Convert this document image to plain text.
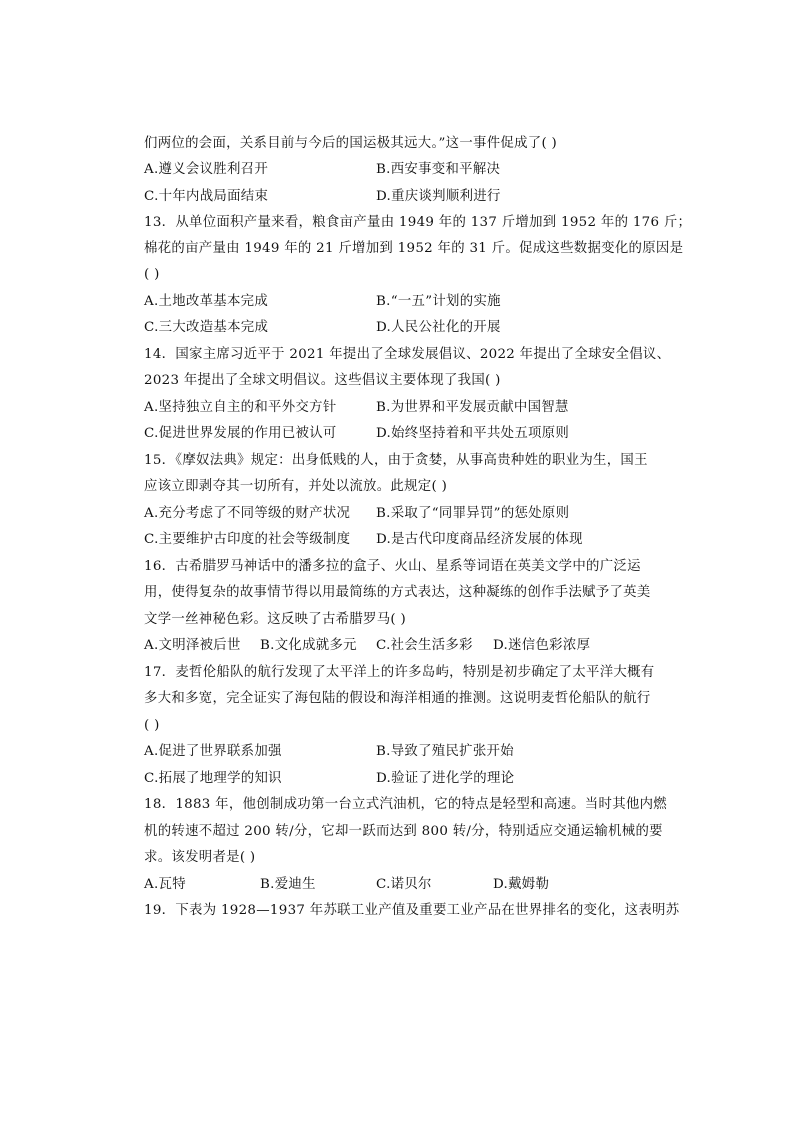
们两位的会面，关系目前与今后的国运极其远大。”这一事件促成了( )
A.遵义会议胜利召开	B.西安事变和平解决
C.十年内战局面结束	D.重庆谈判顺利进行
13．从单位面积产量来看，粮食亩产量由 1949 年的 137 斤增加到 1952 年的 176 斤；
棉花的亩产量由 1949 年的 21 斤增加到 1952 年的 31 斤。促成这些数据变化的原因是
( )
A.土地改革基本完成	B.“一五”计划的实施
C.三大改造基本完成	D.人民公社化的开展
14．国家主席习近平于 2021 年提出了全球发展倡议、2022 年提出了全球安全倡议、
2023 年提出了全球文明倡议。这些倡议主要体现了我国( )
A.坚持独立自主的和平外交方针	B.为世界和平发展贡献中国智慧
C.促进世界发展的作用已被认可	D.始终坚持着和平共处五项原则
15．《摩奴法典》规定：出身低贱的人，由于贪婪，从事高贵种姓的职业为生，国王
应该立即剥夺其一切所有，并处以流放。此规定( )
A.充分考虑了不同等级的财产状况 B.采取了“同罪异罚”的惩处原则
C.主要维护古印度的社会等级制度 D.是古代印度商品经济发展的体现
16．古希腊罗马神话中的潘多拉的盒子、火山、星系等词语在英美文学中的广泛运
用，使得复杂的故事情节得以用最简练的方式表达，这种凝练的创作手法赋予了英美
文学一丝神秘色彩。这反映了古希腊罗马( )
A.文明泽被后世 B.文化成就多元 C.社会生活多彩 D.迷信色彩浓厚
17．麦哲伦船队的航行发现了太平洋上的许多岛屿，特别是初步确定了太平洋大概有
多大和多宽，完全证实了海包陆的假设和海洋相通的推测。这说明麦哲伦船队的航行
( )
A.促进了世界联系加强	B.导致了殖民扩张开始
C.拓展了地理学的知识	D.验证了进化学的理论
18．1883 年，他创制成功第一台立式汽油机，它的特点是轻型和高速。当时其他内燃
机的转速不超过 200 转/分，它却一跃而达到 800 转/分，特别适应交通运输机械的要
求。该发明者是( )
A.瓦特	B.爱迪生	C.诺贝尔	D.戴姆勒
19．下表为 1928—1937 年苏联工业产值及重要工业产品在世界排名的变化，这表明苏
